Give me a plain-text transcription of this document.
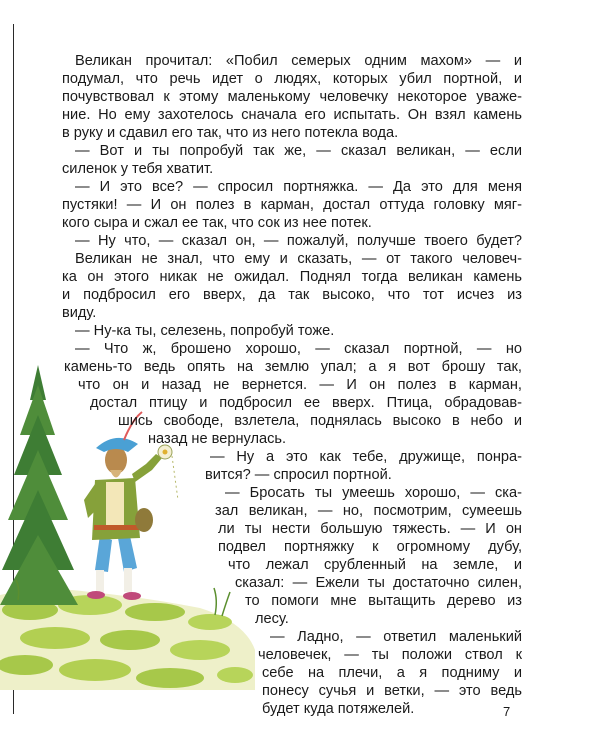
Великан прочитал: «Побил семерых одним махом» — и
подумал, что речь идет о людях, которых убил портной, и
почувствовал к этому маленькому человечку некоторое уваже-
ние. Но ему захотелось сначала его испытать. Он взял камень
в руку и сдавил его так, что из него потекла вода.
— Вот и ты попробуй так же, — сказал великан, — если
силенок у тебя хватит.
— И это все? — спросил портняжка. — Да это для меня
пустяки! — И он полез в карман, достал оттуда головку мяг-
кого сыра и сжал ее так, что сок из нее потек.
— Ну что, — сказал он, — пожалуй, получше твоего будет?
Великан не знал, что ему и сказать, — от такого человеч-
ка он этого никак не ожидал. Поднял тогда великан камень
и подбросил его вверх, да так высоко, что тот исчез из
виду.
— Ну-ка ты, селезень, попробуй тоже.
— Что ж, брошено хорошо, — сказал портной, — но
камень-то ведь опять на землю упал; а я вот брошу так,
что он и назад не вернется. — И он полез в карман,
достал птицу и подбросил ее вверх. Птица, обрадовав-
шись свободе, взлетела, поднялась высоко в небо и
назад не вернулась.
— Ну а это как тебе, дружище, понра-
вится? — спросил портной.
— Бросать ты умеешь хорошо, — ска-
зал великан, — но, посмотрим, сумеешь
ли ты нести большую тяжесть. — И он
подвел портняжку к огромному дубу,
что лежал срубленный на земле, и
сказал: — Ежели ты достаточно силен,
то помоги мне вытащить дерево из
лесу.
— Ладно, — ответил маленький
человечек, — ты положи ствол к
себе на плечи, а я подниму и
понесу сучья и ветки, — это ведь
будет куда потяжелей.	7
